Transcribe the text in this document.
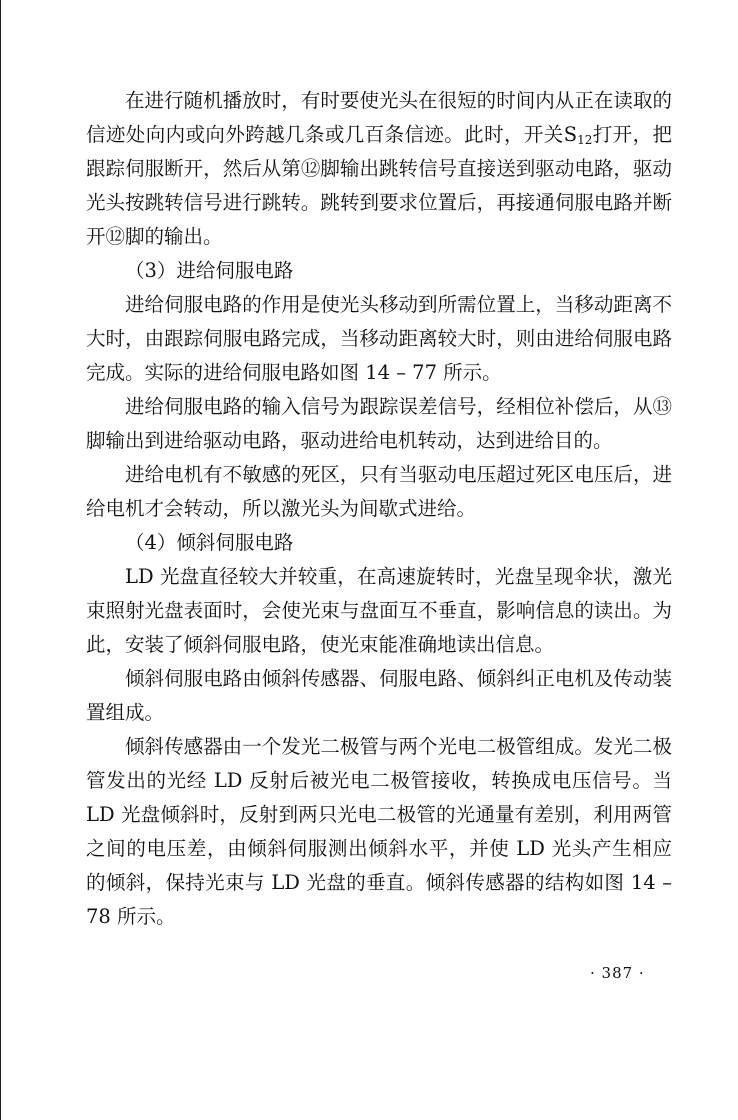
在进行随机播放时，有时要使光头在很短的时间内从正在读取的信迹处向内或向外跨越几条或几百条信迹。此时，开关$S_{12}$打开，把跟踪伺服断开，然后从第⑫脚输出跳转信号直接送到驱动电路，驱动光头按跳转信号进行跳转。跳转到要求位置后，再接通伺服电路并断开⑫脚的输出。

（3）进给伺服电路

进给伺服电路的作用是使光头移动到所需位置上，当移动距离不大时，由跟踪伺服电路完成，当移动距离较大时，则由进给伺服电路完成。实际的进给伺服电路如图 14 – 77 所示。

进给伺服电路的输入信号为跟踪误差信号，经相位补偿后，从⑬脚输出到进给驱动电路，驱动进给电机转动，达到进给目的。

进给电机有不敏感的死区，只有当驱动电压超过死区电压后，进给电机才会转动，所以激光头为间歇式进给。

（4）倾斜伺服电路

LD 光盘直径较大并较重，在高速旋转时，光盘呈现伞状，激光束照射光盘表面时，会使光束与盘面互不垂直，影响信息的读出。为此，安装了倾斜伺服电路，使光束能准确地读出信息。

倾斜伺服电路由倾斜传感器、伺服电路、倾斜纠正电机及传动装置组成。

倾斜传感器由一个发光二极管与两个光电二极管组成。发光二极管发出的光经 LD 反射后被光电二极管接收，转换成电压信号。当 LD 光盘倾斜时，反射到两只光电二极管的光通量有差别，利用两管之间的电压差，由倾斜伺服测出倾斜水平，并使 LD 光头产生相应的倾斜，保持光束与 LD 光盘的垂直。倾斜传感器的结构如图 14 – 78 所示。

· 387 ·
